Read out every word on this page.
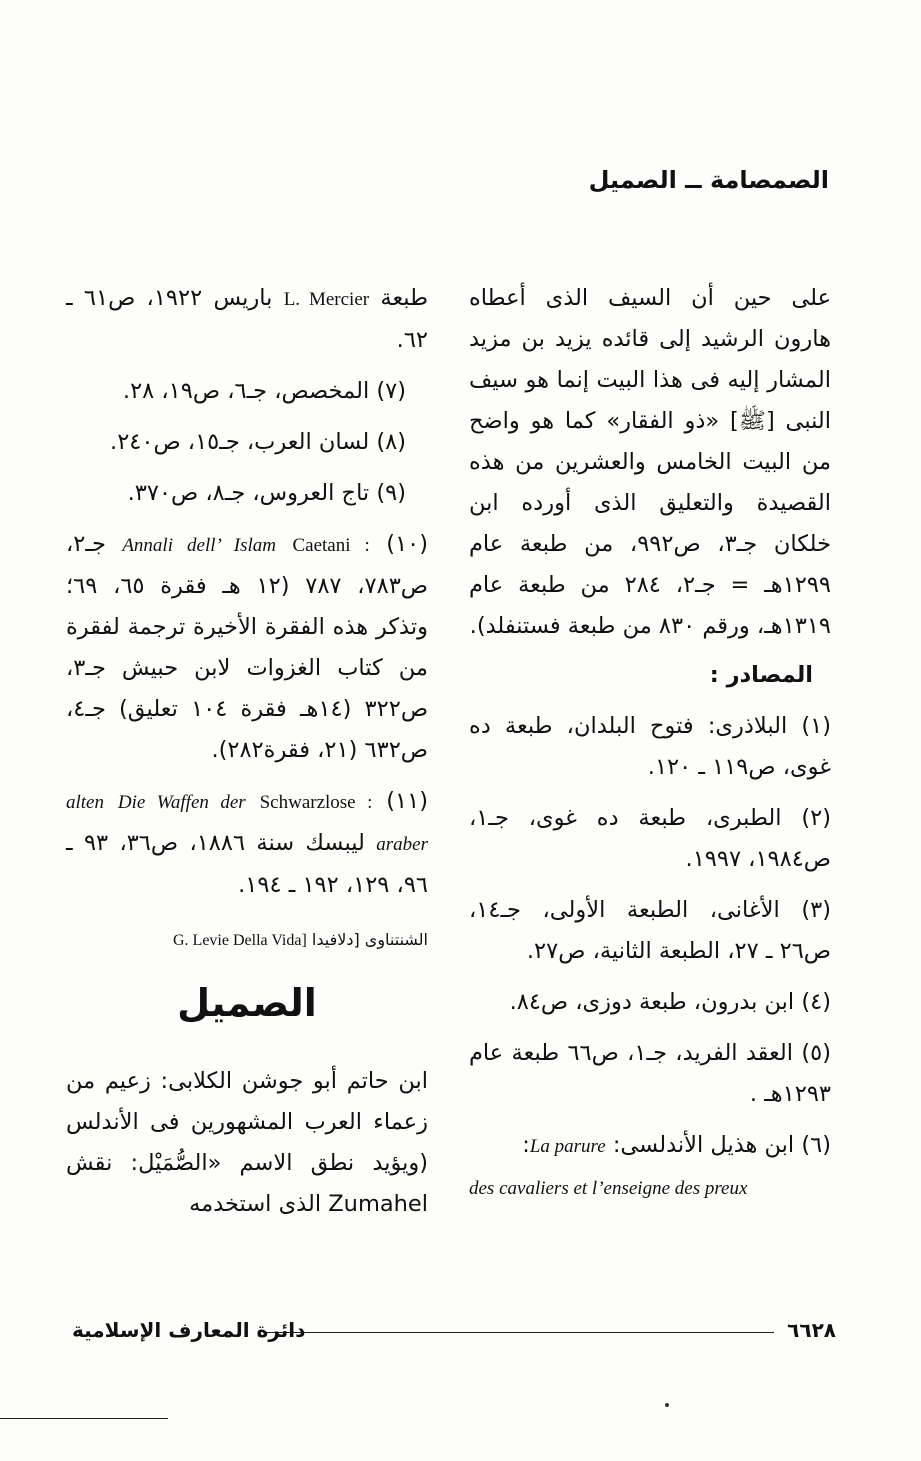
الصمصامة ــ الصميل

على حين أن السيف الذى أعطاه هارون الرشيد إلى قائده يزيد بن مزيد المشار إليه فى هذا البيت إنما هو سيف النبى [ﷺ] «ذو الفقار» كما هو واضح من البيت الخامس والعشرين من هذه القصيدة والتعليق الذى أورده ابن خلكان جـ٣، ص٩٩٢، من طبعة عام ١٢٩٩هـ = جـ٢، ٢٨٤ من طبعة عام ١٣١٩هـ، ورقم ٨٣٠ من طبعة فستنفلد).

المصادر :

(١) البلاذرى: فتوح البلدان، طبعة ده غوى، ص١١٩ ـ ١٢٠.

(٢) الطبرى، طبعة ده غوى، جـ١، ص١٩٨٤، ١٩٩٧.

(٣) الأغانى، الطبعة الأولى، جـ١٤، ص٢٦ ـ ٢٧، الطبعة الثانية، ص٢٧.

(٤) ابن بدرون، طبعة دوزى، ص٨٤.

(٥) العقد الفريد، جـ١، ص٦٦ طبعة عام ١٢٩٣هـ .

(٦) ابن هذيل الأندلسى: La parure:

des cavaliers et l’enseigne des preux

طبعة L. Mercier باريس ١٩٢٢، ص٦١ ـ ٦٢.

(٧) المخصص، جـ٦، ص١٩، ٢٨.

(٨) لسان العرب، جـ١٥، ص٢٤٠.

(٩) تاج العروس، جـ٨، ص٣٧٠.

(١٠) Caetani : Annali dell’ Islam جـ٢، ص٧٨٣، ٧٨٧ (١٢ هـ فقرة ٦٥، ٦٩؛ وتذكر هذه الفقرة الأخيرة ترجمة لفقرة من كتاب الغزوات لابن حبيش جـ٣، ص٣٢٢ (١٤هـ فقرة ١٠٤ تعليق) جـ٤، ص٦٣٢ (٢١، فقرة٢٨٢).

(١١) Schwarzlose : Die Waffen der alten araber ليبسك سنة ١٨٨٦، ص٣٦، ٩٣ ـ ٩٦، ١٢٩، ١٩٢ ـ ١٩٤.

الشنتناوى [دلافيدا G. Levie Della Vida]
الصميل

ابن حاتم أبو جوشن الكلابى: زعيم من زعماء العرب المشهورين فى الأندلس (ويؤيد نطق الاسم «الصُّمَيْل: نقش Zumahel الذى استخدمه

٦٦٢٨
دائرة المعارف الإسلامية
